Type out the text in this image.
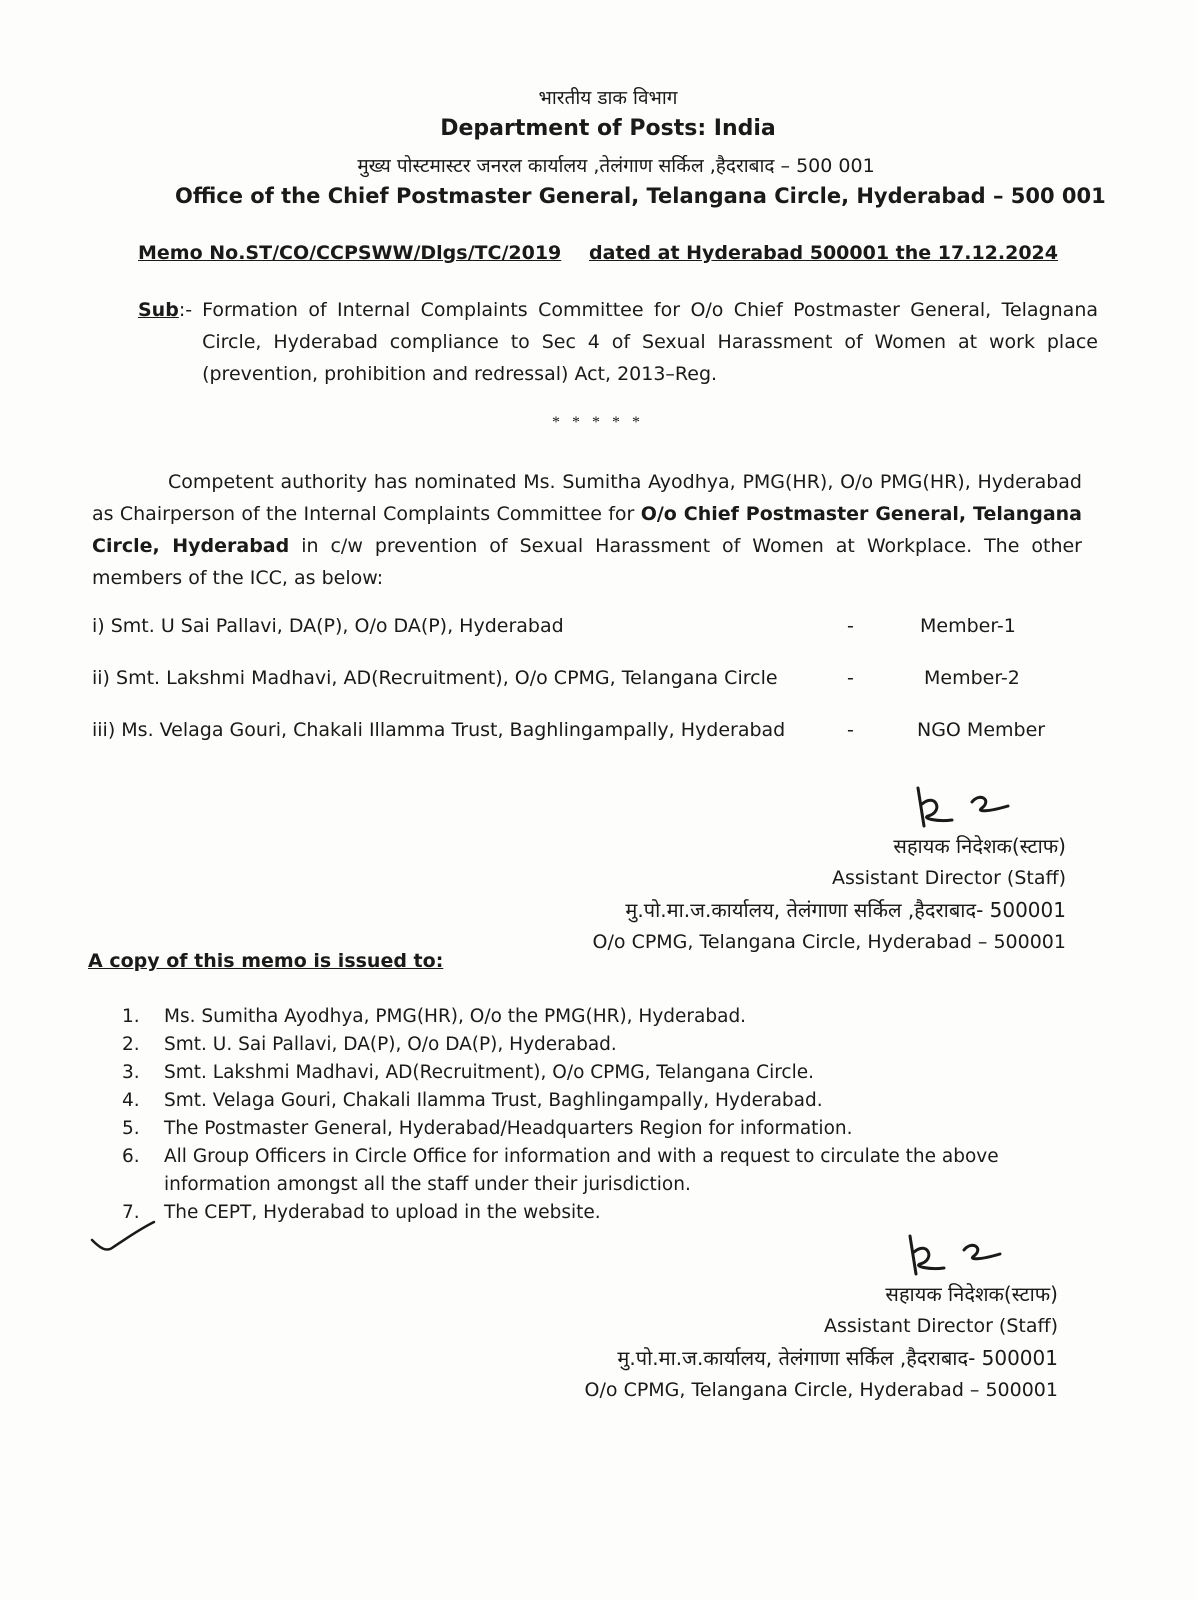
भारतीय डाक विभाग
Department of Posts: India
मुख्य पोस्टमास्टर जनरल कार्यालय ,तेलंगाण सर्किल ,हैदराबाद – 500 001
Office of the Chief Postmaster General, Telangana Circle, Hyderabad – 500 001
Memo No.ST/CO/CCPSWW/Dlgs/TC/2019 dated at Hyderabad 500001 the 17.12.2024
Sub :- Formation of Internal Complaints Committee for O/o Chief Postmaster General, Telagnana Circle, Hyderabad compliance to Sec 4 of Sexual Harassment of Women at work place (prevention, prohibition and redressal) Act, 2013–Reg.
* * * * *
Competent authority has nominated Ms. Sumitha Ayodhya, PMG(HR), O/o PMG(HR), Hyderabad as Chairperson of the Internal Complaints Committee for O/o Chief Postmaster General, Telangana Circle, Hyderabad in c/w prevention of Sexual Harassment of Women at Workplace. The other members of the ICC, as below:
i) Smt. U Sai Pallavi, DA(P), O/o DA(P), Hyderabad	-	Member-1
ii) Smt. Lakshmi Madhavi, AD(Recruitment), O/o CPMG, Telangana Circle	-	Member-2
iii) Ms. Velaga Gouri, Chakali Illamma Trust, Baghlingampally, Hyderabad	-	NGO Member
सहायक निदेशक(स्टाफ)
Assistant Director (Staff)
मु.पो.मा.ज.कार्यालय, तेलंगाणा सर्किल ,हैदराबाद- 500001
O/o CPMG, Telangana Circle, Hyderabad – 500001
A copy of this memo is issued to:
1. Ms. Sumitha Ayodhya, PMG(HR), O/o the PMG(HR), Hyderabad.
2. Smt. U. Sai Pallavi, DA(P), O/o DA(P), Hyderabad.
3. Smt. Lakshmi Madhavi, AD(Recruitment), O/o CPMG, Telangana Circle.
4. Smt. Velaga Gouri, Chakali Ilamma Trust, Baghlingampally, Hyderabad.
5. The Postmaster General, Hyderabad/Headquarters Region for information.
6. All Group Officers in Circle Office for information and with a request to circulate the above information amongst all the staff under their jurisdiction.
7. The CEPT, Hyderabad to upload in the website.
सहायक निदेशक(स्टाफ)
Assistant Director (Staff)
मु.पो.मा.ज.कार्यालय, तेलंगाणा सर्किल ,हैदराबाद- 500001
O/o CPMG, Telangana Circle, Hyderabad – 500001
